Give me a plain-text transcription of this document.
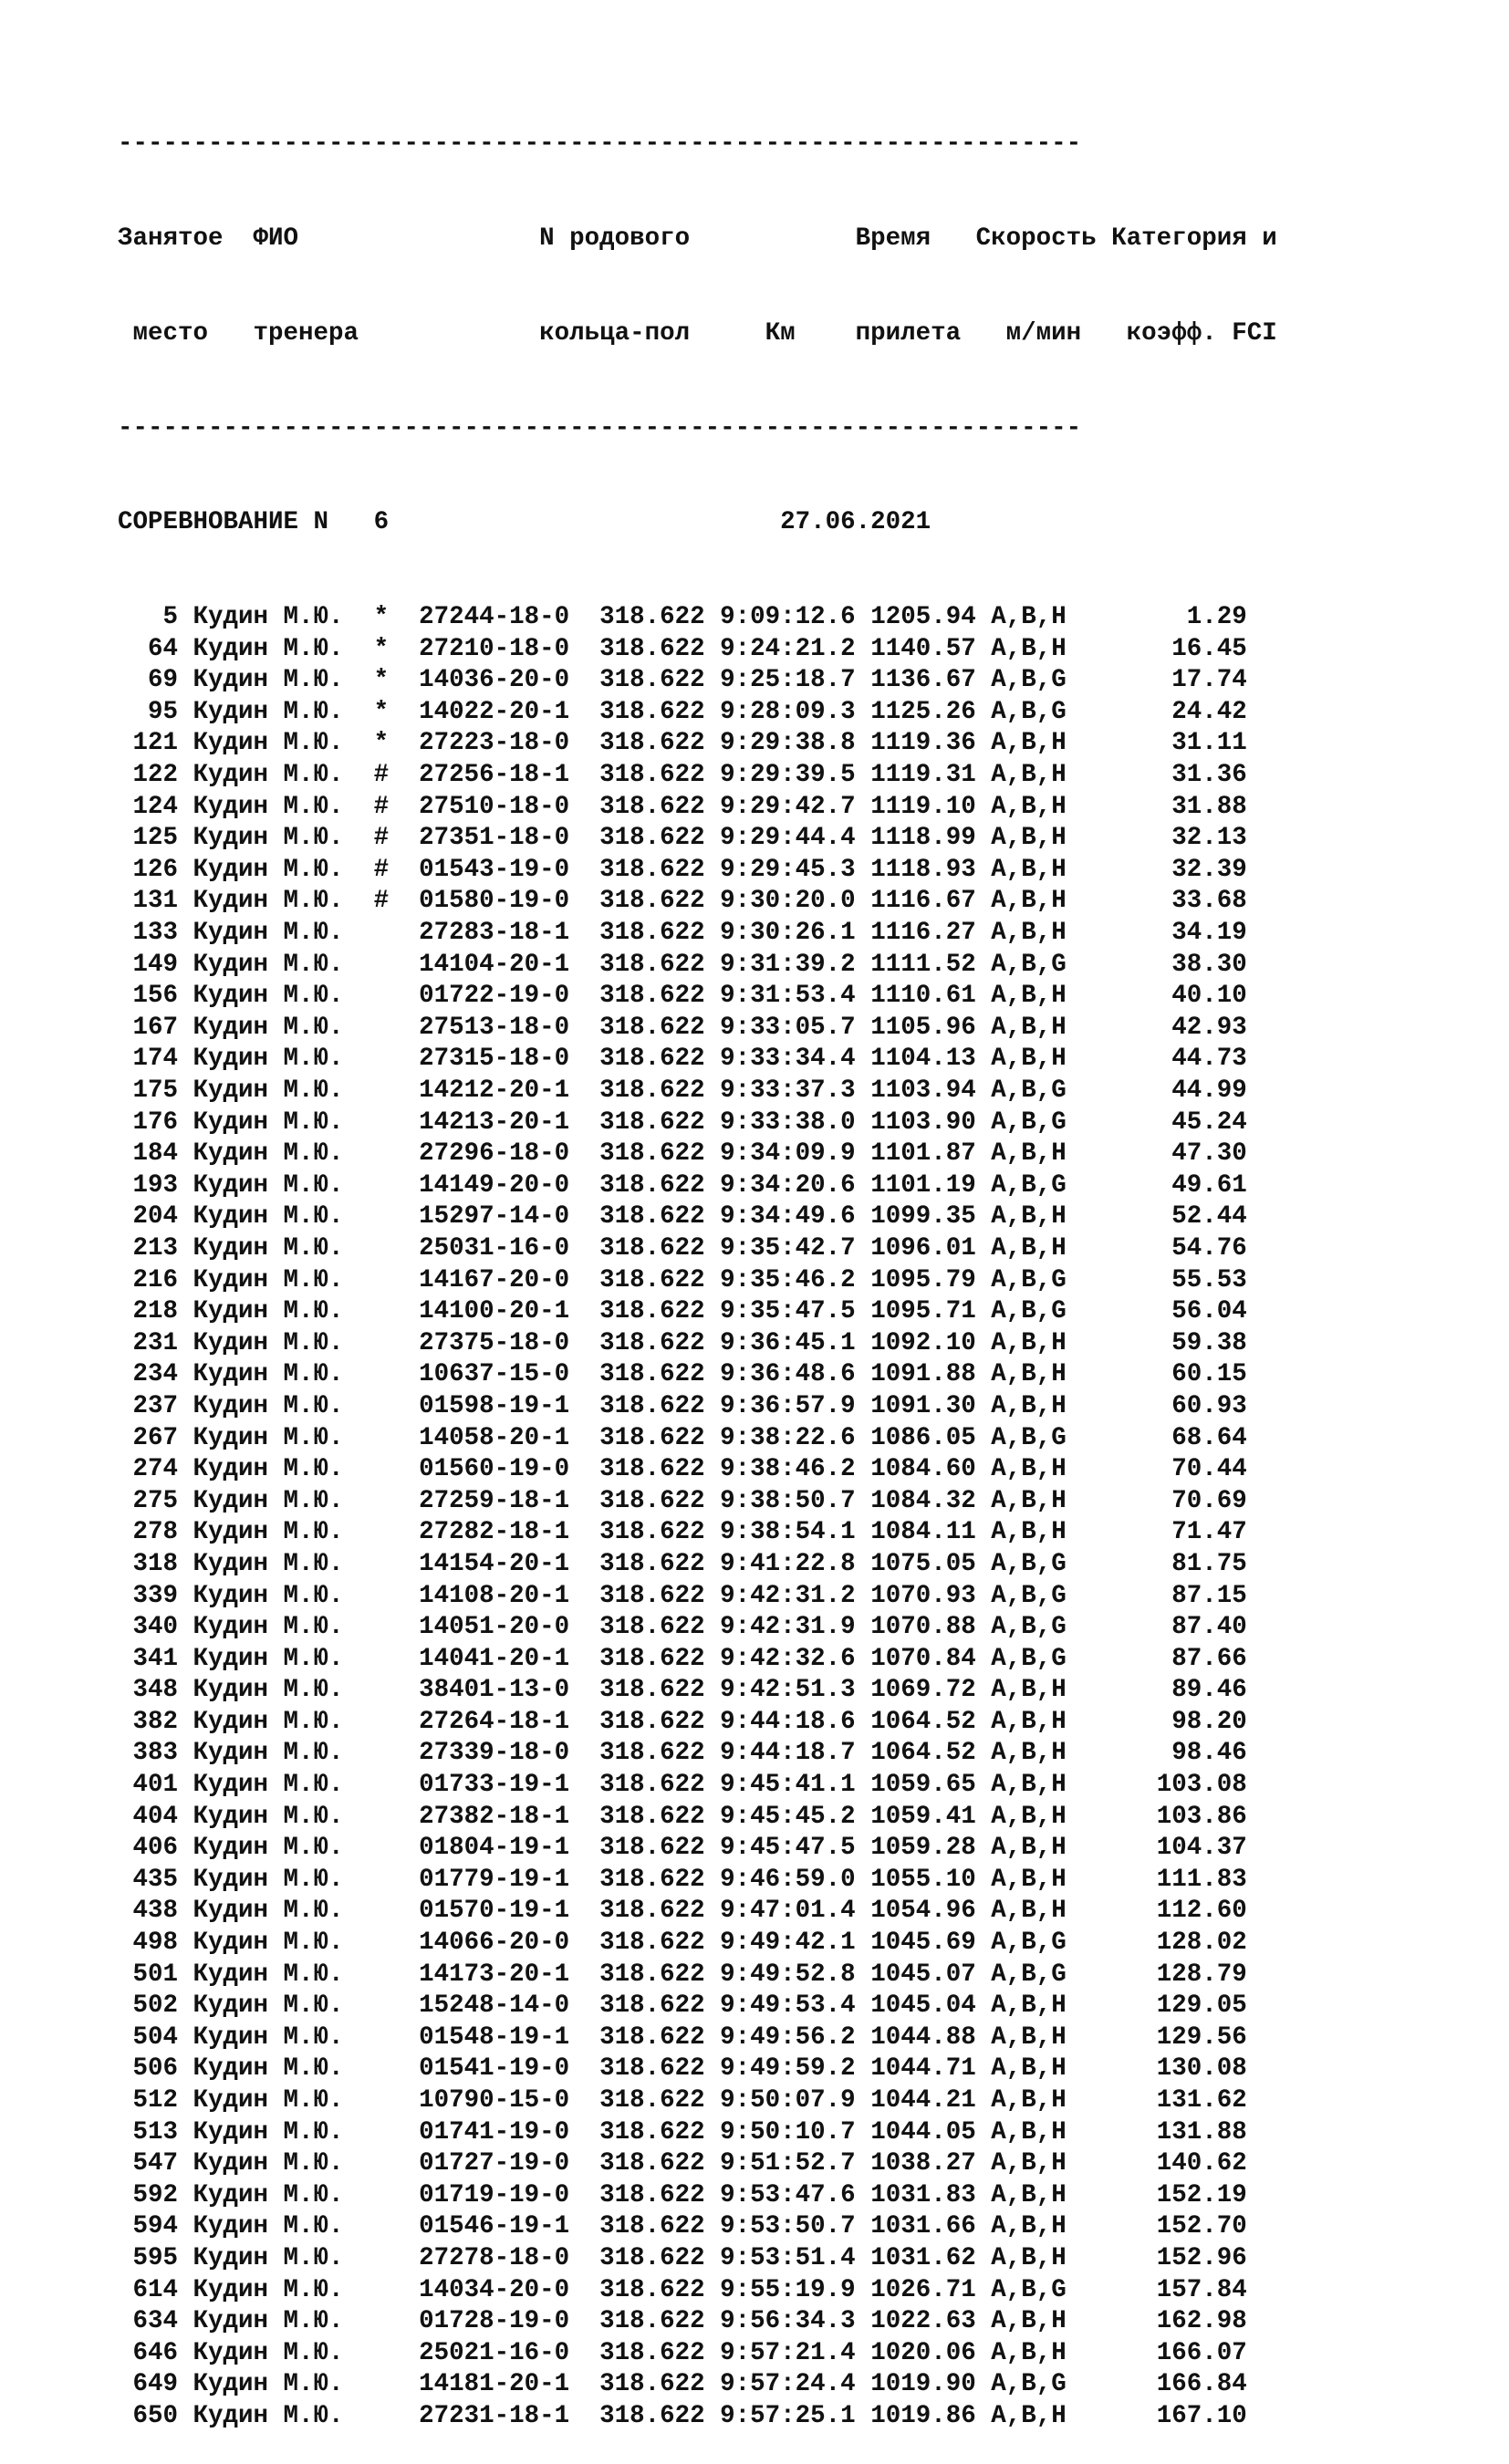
----------------------------------------------------------------

Занятое  ФИО                N родового           Время   Скорость Категория и

место   тренера            кольца-пол     Км    прилета   м/мин   коэфф. FCI

----------------------------------------------------------------

СОРЕВНОВАНИЕ N 6	27.06.2021

5 Кудин М.Ю.  *  27244-18-0  318.622 9:09:12.6 1205.94 A,B,H        1.29
64 Кудин М.Ю.  *  27210-18-0  318.622 9:24:21.2 1140.57 A,B,H       16.45
69 Кудин М.Ю.  *  14036-20-0  318.622 9:25:18.7 1136.67 A,B,G       17.74
95 Кудин М.Ю.  *  14022-20-1  318.622 9:28:09.3 1125.26 A,B,G       24.42
121 Кудин М.Ю.  *  27223-18-0  318.622 9:29:38.8 1119.36 A,B,H       31.11
122 Кудин М.Ю.  #  27256-18-1  318.622 9:29:39.5 1119.31 A,B,H       31.36
124 Кудин М.Ю.  #  27510-18-0  318.622 9:29:42.7 1119.10 A,B,H       31.88
125 Кудин М.Ю.  #  27351-18-0  318.622 9:29:44.4 1118.99 A,B,H       32.13
126 Кудин М.Ю.  #  01543-19-0  318.622 9:29:45.3 1118.93 A,B,H       32.39
131 Кудин М.Ю.  #  01580-19-0  318.622 9:30:20.0 1116.67 A,B,H       33.68
133 Кудин М.Ю.     27283-18-1  318.622 9:30:26.1 1116.27 A,B,H       34.19
149 Кудин М.Ю.     14104-20-1  318.622 9:31:39.2 1111.52 A,B,G       38.30
156 Кудин М.Ю.     01722-19-0  318.622 9:31:53.4 1110.61 A,B,H       40.10
167 Кудин М.Ю.     27513-18-0  318.622 9:33:05.7 1105.96 A,B,H       42.93
174 Кудин М.Ю.     27315-18-0  318.622 9:33:34.4 1104.13 A,B,H       44.73
175 Кудин М.Ю.     14212-20-1  318.622 9:33:37.3 1103.94 A,B,G       44.99
176 Кудин М.Ю.     14213-20-1  318.622 9:33:38.0 1103.90 A,B,G       45.24
184 Кудин М.Ю.     27296-18-0  318.622 9:34:09.9 1101.87 A,B,H       47.30
193 Кудин М.Ю.     14149-20-0  318.622 9:34:20.6 1101.19 A,B,G       49.61
204 Кудин М.Ю.     15297-14-0  318.622 9:34:49.6 1099.35 A,B,H       52.44
213 Кудин М.Ю.     25031-16-0  318.622 9:35:42.7 1096.01 A,B,H       54.76
216 Кудин М.Ю.     14167-20-0  318.622 9:35:46.2 1095.79 A,B,G       55.53
218 Кудин М.Ю.     14100-20-1  318.622 9:35:47.5 1095.71 A,B,G       56.04
231 Кудин М.Ю.     27375-18-0  318.622 9:36:45.1 1092.10 A,B,H       59.38
234 Кудин М.Ю.     10637-15-0  318.622 9:36:48.6 1091.88 A,B,H       60.15
237 Кудин М.Ю.     01598-19-1  318.622 9:36:57.9 1091.30 A,B,H       60.93
267 Кудин М.Ю.     14058-20-1  318.622 9:38:22.6 1086.05 A,B,G       68.64
274 Кудин М.Ю.     01560-19-0  318.622 9:38:46.2 1084.60 A,B,H       70.44
275 Кудин М.Ю.     27259-18-1  318.622 9:38:50.7 1084.32 A,B,H       70.69
278 Кудин М.Ю.     27282-18-1  318.622 9:38:54.1 1084.11 A,B,H       71.47
318 Кудин М.Ю.     14154-20-1  318.622 9:41:22.8 1075.05 A,B,G       81.75
339 Кудин М.Ю.     14108-20-1  318.622 9:42:31.2 1070.93 A,B,G       87.15
340 Кудин М.Ю.     14051-20-0  318.622 9:42:31.9 1070.88 A,B,G       87.40
341 Кудин М.Ю.     14041-20-1  318.622 9:42:32.6 1070.84 A,B,G       87.66
348 Кудин М.Ю.     38401-13-0  318.622 9:42:51.3 1069.72 A,B,H       89.46
382 Кудин М.Ю.     27264-18-1  318.622 9:44:18.6 1064.52 A,B,H       98.20
383 Кудин М.Ю.     27339-18-0  318.622 9:44:18.7 1064.52 A,B,H       98.46
401 Кудин М.Ю.     01733-19-1  318.622 9:45:41.1 1059.65 A,B,H      103.08
404 Кудин М.Ю.     27382-18-1  318.622 9:45:45.2 1059.41 A,B,H      103.86
406 Кудин М.Ю.     01804-19-1  318.622 9:45:47.5 1059.28 A,B,H      104.37
435 Кудин М.Ю.     01779-19-1  318.622 9:46:59.0 1055.10 A,B,H      111.83
438 Кудин М.Ю.     01570-19-1  318.622 9:47:01.4 1054.96 A,B,H      112.60
498 Кудин М.Ю.     14066-20-0  318.622 9:49:42.1 1045.69 A,B,G      128.02
501 Кудин М.Ю.     14173-20-1  318.622 9:49:52.8 1045.07 A,B,G      128.79
502 Кудин М.Ю.     15248-14-0  318.622 9:49:53.4 1045.04 A,B,H      129.05
504 Кудин М.Ю.     01548-19-1  318.622 9:49:56.2 1044.88 A,B,H      129.56
506 Кудин М.Ю.     01541-19-0  318.622 9:49:59.2 1044.71 A,B,H      130.08
512 Кудин М.Ю.     10790-15-0  318.622 9:50:07.9 1044.21 A,B,H      131.62
513 Кудин М.Ю.     01741-19-0  318.622 9:50:10.7 1044.05 A,B,H      131.88
547 Кудин М.Ю.     01727-19-0  318.622 9:51:52.7 1038.27 A,B,H      140.62
592 Кудин М.Ю.     01719-19-0  318.622 9:53:47.6 1031.83 A,B,H      152.19
594 Кудин М.Ю.     01546-19-1  318.622 9:53:50.7 1031.66 A,B,H      152.70
595 Кудин М.Ю.     27278-18-0  318.622 9:53:51.4 1031.62 A,B,H      152.96
614 Кудин М.Ю.     14034-20-0  318.622 9:55:19.9 1026.71 A,B,G      157.84
634 Кудин М.Ю.     01728-19-0  318.622 9:56:34.3 1022.63 A,B,H      162.98
646 Кудин М.Ю.     25021-16-0  318.622 9:57:21.4 1020.06 A,B,H      166.07
649 Кудин М.Ю.     14181-20-1  318.622 9:57:24.4 1019.90 A,B,G      166.84
650 Кудин М.Ю.     27231-18-1  318.622 9:57:25.1 1019.86 A,B,H      167.10
